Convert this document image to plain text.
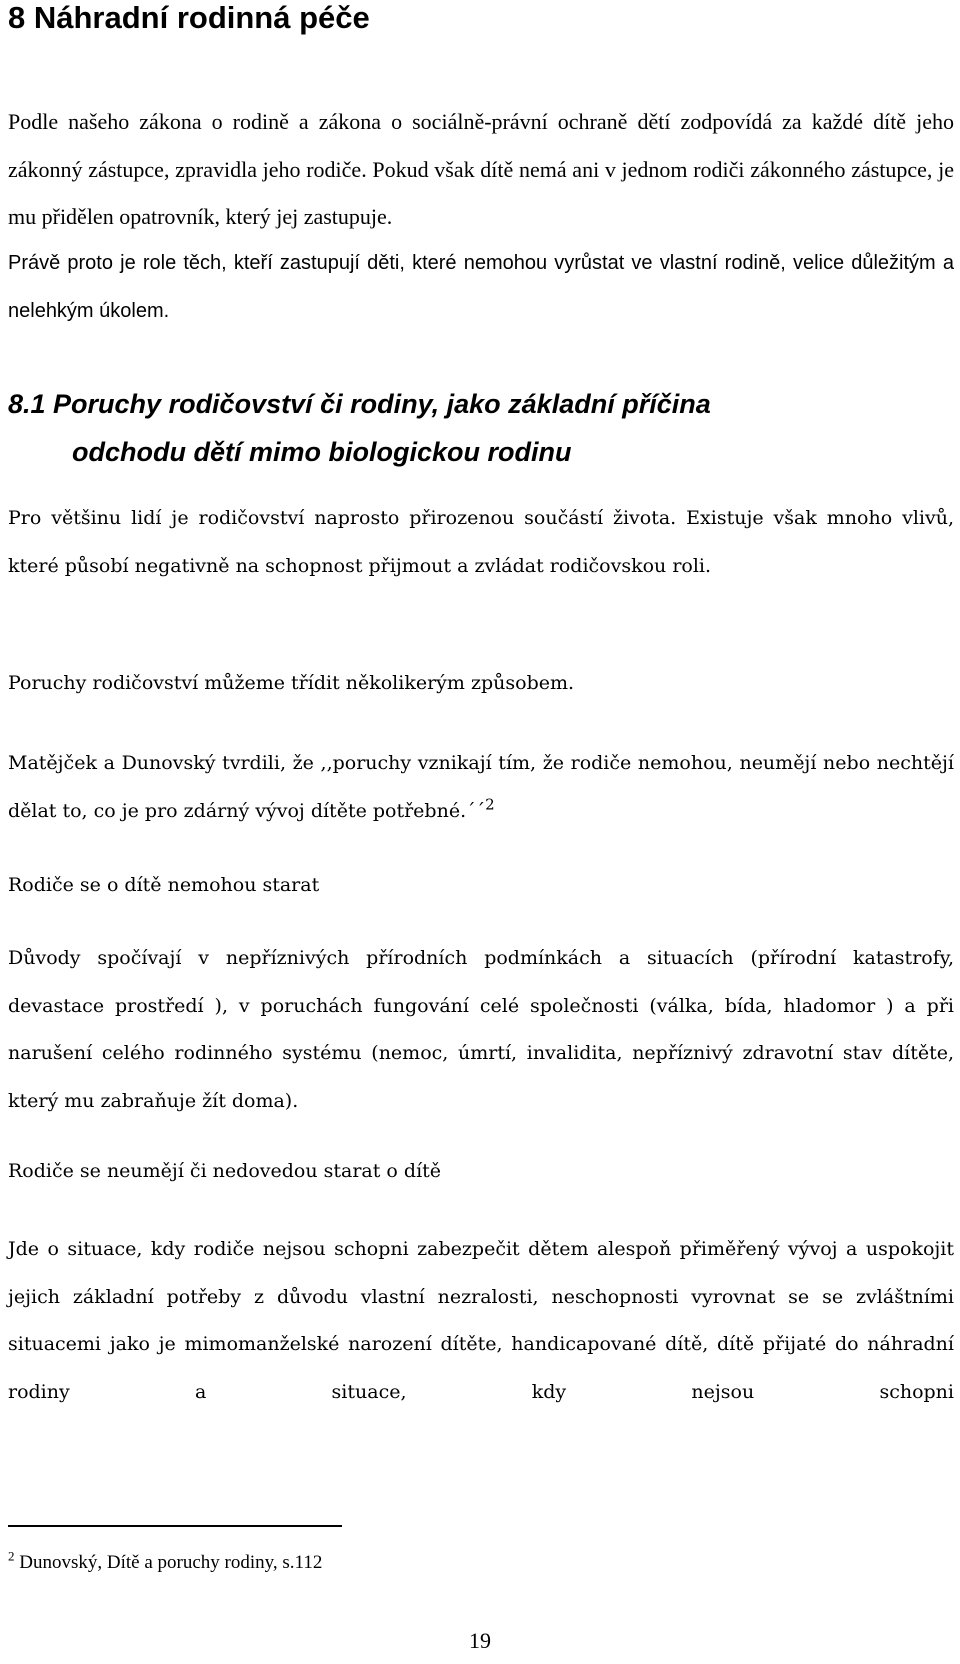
8 Náhradní rodinná péče

Podle našeho zákona o rodině a zákona o sociálně-právní ochraně dětí zodpovídá za každé dítě jeho zákonný zástupce, zpravidla jeho rodiče. Pokud však dítě nemá ani v jednom rodiči zákonného zástupce, je mu přidělen opatrovník, který jej zastupuje.

Právě proto je role těch, kteří zastupují děti, které nemohou vyrůstat ve vlastní rodině, velice důležitým a nelehkým úkolem.

8.1 Poruchy rodičovství či rodiny, jako základní příčina
odchodu dětí mimo biologickou rodinu

Pro většinu lidí je rodičovství naprosto přirozenou součástí života. Existuje však mnoho vlivů, které působí negativně na schopnost přijmout a zvládat rodičovskou roli.

Poruchy rodičovství můžeme třídit několikerým způsobem.

Matějček a Dunovský tvrdili, že ,,poruchy vznikají tím, že rodiče nemohou, neumějí nebo nechtějí dělat to, co je pro zdárný vývoj dítěte potřebné.´´$^2$

Rodiče se o dítě nemohou starat

Důvody spočívají v nepříznivých přírodních podmínkách a situacích (přírodní katastrofy, devastace prostředí ), v poruchách fungování celé společnosti (válka, bída, hladomor ) a při narušení celého rodinného systému (nemoc, úmrtí, invalidita, nepříznivý zdravotní stav dítěte, který mu zabraňuje žít doma).

Rodiče se neumějí či nedovedou starat o dítě

Jde o situace, kdy rodiče nejsou schopni zabezpečit dětem alespoň přiměřený vývoj a uspokojit jejich základní potřeby z důvodu vlastní nezralosti, neschopnosti vyrovnat se se zvláštními situacemi jako je mimomanželské narození dítěte, handicapované dítě, dítě přijaté do náhradní rodiny a situace, kdy nejsou schopni

$^2$ Dunovský, Dítě a poruchy rodiny, s.112

19
